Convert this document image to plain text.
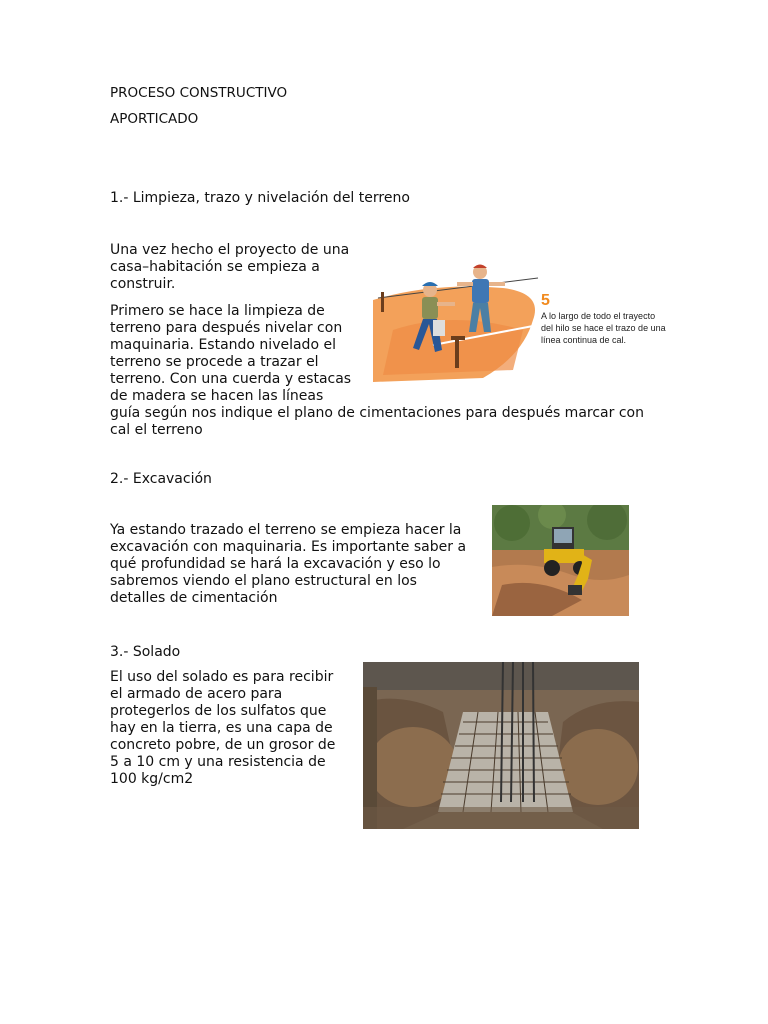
PROCESO CONSTRUCTIVO
APORTICADO
1.- Limpieza, trazo y nivelación del terreno
Una vez hecho el proyecto de una
casa–habitación se empieza a
construir.
Primero se hace la limpieza de
terreno para después nivelar con
maquinaria. Estando nivelado el
terreno se procede a trazar el
terreno. Con una cuerda y estacas
de madera se hacen las líneas
guía según nos indique el plano de cimentaciones para después marcar con
cal el terreno
5
A lo largo de todo el trayecto
del hilo se hace el trazo de una
línea continua de cal.
2.- Excavación
Ya estando trazado el terreno se empieza hacer la
excavación con maquinaria. Es importante saber a
qué profundidad se hará la excavación y eso lo
sabremos viendo el plano estructural en los
detalles de cimentación
3.- Solado
El uso del solado es para recibir
el armado de acero para
protegerlos de los sulfatos que
hay en la tierra, es una capa de
concreto pobre, de un grosor de
5 a 10 cm y una resistencia de
100 kg/cm2
